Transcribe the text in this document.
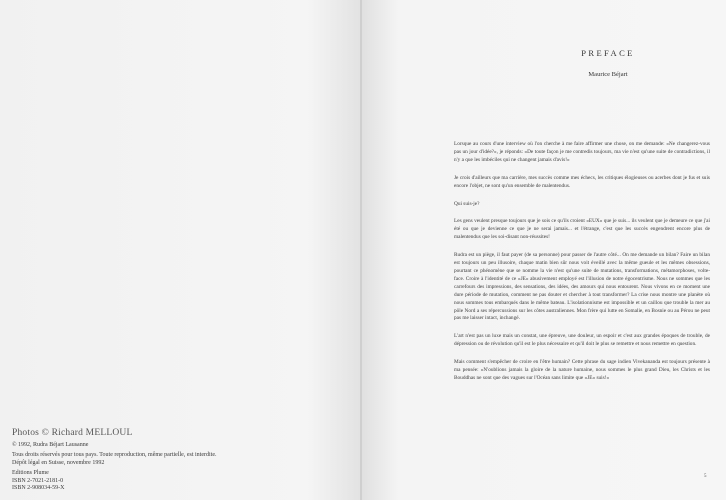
Photos © Richard MELLOUL

© 1992, Rudra Béjart Lausanne

Tous droits réservés pour tous pays. Toute reproduction, même partielle, est interdite.

Dépôt légal en Suisse, novembre 1992

Editions Plume

ISBN 2-7021-2181-0

ISBN 2-908034-59-X

PREFACE
Maurice Béjart

Lorsque au cours d'une interview où l'on cherche à me faire affirmer une chose, on me demande: «Ne changerez-vous pas un jour d'idée?», je réponds: «De toute façon je me contredis toujours, ma vie n'est qu'une suite de contradictions, il n'y a que les imbéciles qui ne changent jamais d'avis!»

Je crois d'ailleurs que ma carrière, mes succès comme mes échecs, les critiques élogieuses ou acerbes dont je fus et suis encore l'objet, ne sont qu'un ensemble de malentendus.

Qui suis-je?

Les gens veulent presque toujours que je sois ce qu'ils croient «EUX» que je suis... ils veulent que je demeure ce que j'ai été ou que je devienne ce que je ne serai jamais... et l'étrange, c'est que les succès engendrent encore plus de malentendus que les soi-disant non-réussites!

Rudra est un piège, il faut payer (de sa personne) pour passer de l'autre côté... On me demande un bilan? Faire un bilan est toujours un peu illusoire, chaque matin bien sûr nous voit éveillé avec la même gueule et les mêmes obsessions, pourtant ce phénomène que se nomme la vie n'est qu'une suite de mutations, transformations, métamorphoses, volte-face. Croire à l'identité de ce «JE» abusivement employé est l'illusion de notre égocentrisme. Nous ne sommes que les carrefours des impressions, des sensations, des idées, des amours qui nous entourent. Nous vivons en ce moment une dure période de mutation, comment ne pas douter et chercher à tout transformer? La crise nous montre une planète où nous sommes tous embarqués dans le même bateau. L'isolationnisme est impossible et un caillou que trouble la mer au pôle Nord a ses répercussions sur les côtes australiennes. Mon frère qui lutte en Somalie, en Bosnie ou au Pérou ne peut pas me laisser intact, inchangé.

L'art n'est pas un luxe mais un constat, une épreuve, une douleur, un espoir et c'est aux grandes époques de trouble, de dépression ou de révolution qu'il est le plus nécessaire et qu'il doit le plus se remettre et nous remettre en question.

Mais comment s'empêcher de croire en l'être humain? Cette phrase du sage indien Vivekananda est toujours présente à ma pensée: «N'oublions jamais la gloire de la nature humaine, nous sommes le plus grand Dieu, les Christs et les Bouddhas ne sont que des vagues sur l'Océan sans limite que «JE» suis!»

5
